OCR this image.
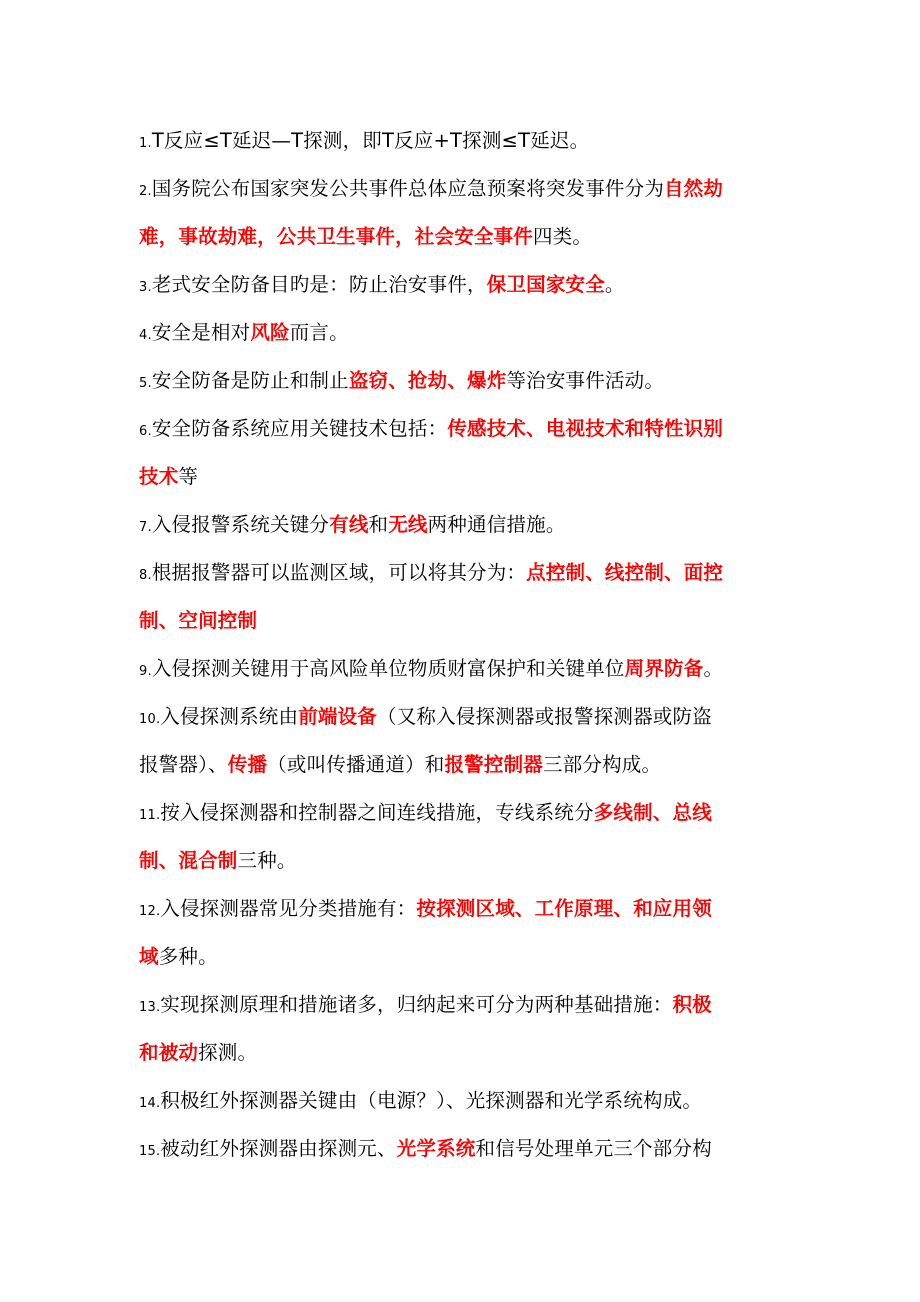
1.T反应≤T延迟—T探测，即T反应+T探测≤T延迟。
2.国务院公布国家突发公共事件总体应急预案将突发事件分为自然劫
难，事故劫难，公共卫生事件，社会安全事件四类。
3.老式安全防备目旳是：防止治安事件，保卫国家安全。
4.安全是相对风险而言。
5.安全防备是防止和制止盗窃、抢劫、爆炸等治安事件活动。
6.安全防备系统应用关键技术包括：传感技术、电视技术和特性识别
技术等
7.入侵报警系统关键分有线和无线两种通信措施。
8.根据报警器可以监测区域，可以将其分为：点控制、线控制、面控
制、空间控制
9.入侵探测关键用于高风险单位物质财富保护和关键单位周界防备。
10.入侵探测系统由前端设备（又称入侵探测器或报警探测器或防盗
报警器）、传播（或叫传播通道）和报警控制器三部分构成。
11.按入侵探测器和控制器之间连线措施，专线系统分多线制、总线
制、混合制三种。
12.入侵探测器常见分类措施有：按探测区域、工作原理、和应用领
域多种。
13.实现探测原理和措施诸多，归纳起来可分为两种基础措施：积极
和被动探测。
14.积极红外探测器关键由（电源？）、光探测器和光学系统构成。
15.被动红外探测器由探测元、光学系统和信号处理单元三个部分构
